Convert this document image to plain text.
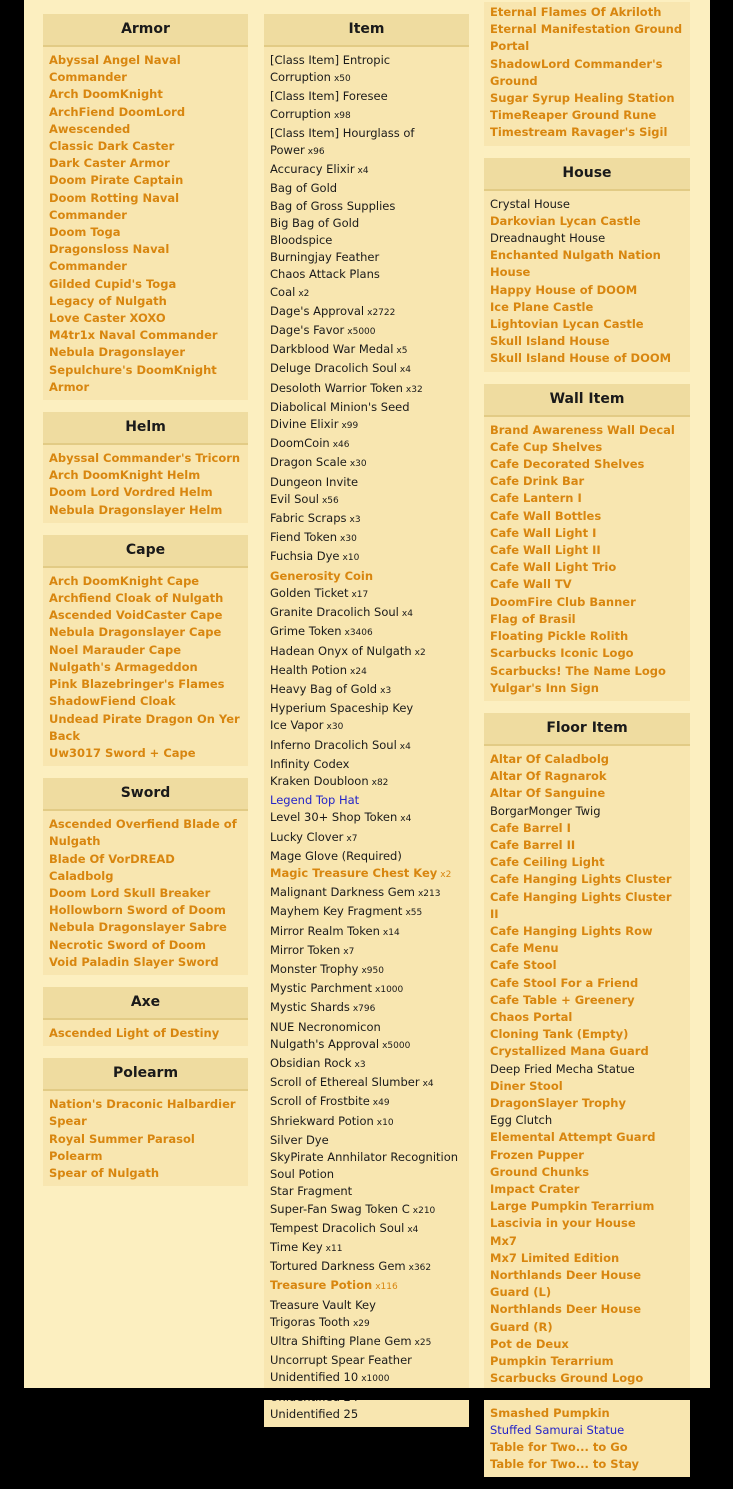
Armor
Abyssal Angel Naval Commander
Arch DoomKnight
ArchFiend DoomLord
Awescended
Classic Dark Caster
Dark Caster Armor
Doom Pirate Captain
Doom Rotting Naval Commander
Doom Toga
Dragonsloss Naval Commander
Gilded Cupid's Toga
Legacy of Nulgath
Love Caster XOXO
M4tr1x Naval Commander
Nebula Dragonslayer
Sepulchure's DoomKnight Armor
Helm
Abyssal Commander's Tricorn
Arch DoomKnight Helm
Doom Lord Vordred Helm
Nebula Dragonslayer Helm
Cape
Arch DoomKnight Cape
Archfiend Cloak of Nulgath
Ascended VoidCaster Cape
Nebula Dragonslayer Cape
Noel Marauder Cape
Nulgath's Armageddon
Pink Blazebringer's Flames
ShadowFiend Cloak
Undead Pirate Dragon On Yer Back
Uw3017 Sword + Cape
Sword
Ascended Overfiend Blade of Nulgath
Blade Of VorDREAD
Caladbolg
Doom Lord Skull Breaker
Hollowborn Sword of Doom
Nebula Dragonslayer Sabre
Necrotic Sword of Doom
Void Paladin Slayer Sword
Axe
Ascended Light of Destiny
Polearm
Nation's Draconic Halbardier Spear
Royal Summer Parasol Polearm
Spear of Nulgath
Item
[Class Item] Entropic Corruption x50
[Class Item] Foresee Corruption x98
[Class Item] Hourglass of Power x96
Accuracy Elixir x4
Bag of Gold
Bag of Gross Supplies
Big Bag of Gold
Bloodspice
Burningjay Feather
Chaos Attack Plans
Coal x2
Dage's Approval x2722
Dage's Favor x5000
Darkblood War Medal x5
Deluge Dracolich Soul x4
Desoloth Warrior Token x32
Diabolical Minion's Seed
Divine Elixir x99
DoomCoin x46
Dragon Scale x30
Dungeon Invite
Evil Soul x56
Fabric Scraps x3
Fiend Token x30
Fuchsia Dye x10
Generosity Coin
Golden Ticket x17
Granite Dracolich Soul x4
Grime Token x3406
Hadean Onyx of Nulgath x2
Health Potion x24
Heavy Bag of Gold x3
Hyperium Spaceship Key
Ice Vapor x30
Inferno Dracolich Soul x4
Infinity Codex
Kraken Doubloon x82
Legend Top Hat
Level 30+ Shop Token x4
Lucky Clover x7
Mage Glove (Required)
Magic Treasure Chest Key x2
Malignant Darkness Gem x213
Mayhem Key Fragment x55
Mirror Realm Token x14
Mirror Token x7
Monster Trophy x950
Mystic Parchment x1000
Mystic Shards x796
NUE Necronomicon
Nulgath's Approval x5000
Obsidian Rock x3
Scroll of Ethereal Slumber x4
Scroll of Frostbite x49
Shriekward Potion x10
Silver Dye
SkyPirate Annhilator Recognition
Soul Potion
Star Fragment
Super-Fan Swag Token C x210
Tempest Dracolich Soul x4
Time Key x11
Tortured Darkness Gem x362
Treasure Potion x116
Treasure Vault Key
Trigoras Tooth x29
Ultra Shifting Plane Gem x25
Uncorrupt Spear Feather
Unidentified 10 x1000
Unidentified 25
Eternal Flames Of Akriloth
Eternal Manifestation Ground Portal
ShadowLord Commander's Ground
Sugar Syrup Healing Station
TimeReaper Ground Rune
Timestream Ravager's Sigil
House
Crystal House
Darkovian Lycan Castle
Dreadnaught House
Enchanted Nulgath Nation House
Happy House of DOOM
Ice Plane Castle
Lightovian Lycan Castle
Skull Island House
Skull Island House of DOOM
Wall Item
Brand Awareness Wall Decal
Cafe Cup Shelves
Cafe Decorated Shelves
Cafe Drink Bar
Cafe Lantern I
Cafe Wall Bottles
Cafe Wall Light I
Cafe Wall Light II
Cafe Wall Light Trio
Cafe Wall TV
DoomFire Club Banner
Flag of Brasil
Floating Pickle Rolith
Scarbucks Iconic Logo
Scarbucks! The Name Logo
Yulgar's Inn Sign
Floor Item
Altar Of Caladbolg
Altar Of Ragnarok
Altar Of Sanguine
BorgarMonger Twig
Cafe Barrel I
Cafe Barrel II
Cafe Ceiling Light
Cafe Hanging Lights Cluster
Cafe Hanging Lights Cluster II
Cafe Hanging Lights Row
Cafe Menu
Cafe Stool
Cafe Stool For a Friend
Cafe Table + Greenery
Chaos Portal
Cloning Tank (Empty)
Crystallized Mana Guard
Deep Fried Mecha Statue
Diner Stool
DragonSlayer Trophy
Egg Clutch
Elemental Attempt Guard
Frozen Pupper
Ground Chunks
Impact Crater
Large Pumpkin Terarrium
Lascivia in your House
Mx7
Mx7 Limited Edition
Northlands Deer House Guard (L)
Northlands Deer House Guard (R)
Pot de Deux
Pumpkin Terarrium
Scarbucks Ground Logo
Smashed Pumpkin
Stuffed Samurai Statue
Table for Two... to Go
Table for Two... to Stay
